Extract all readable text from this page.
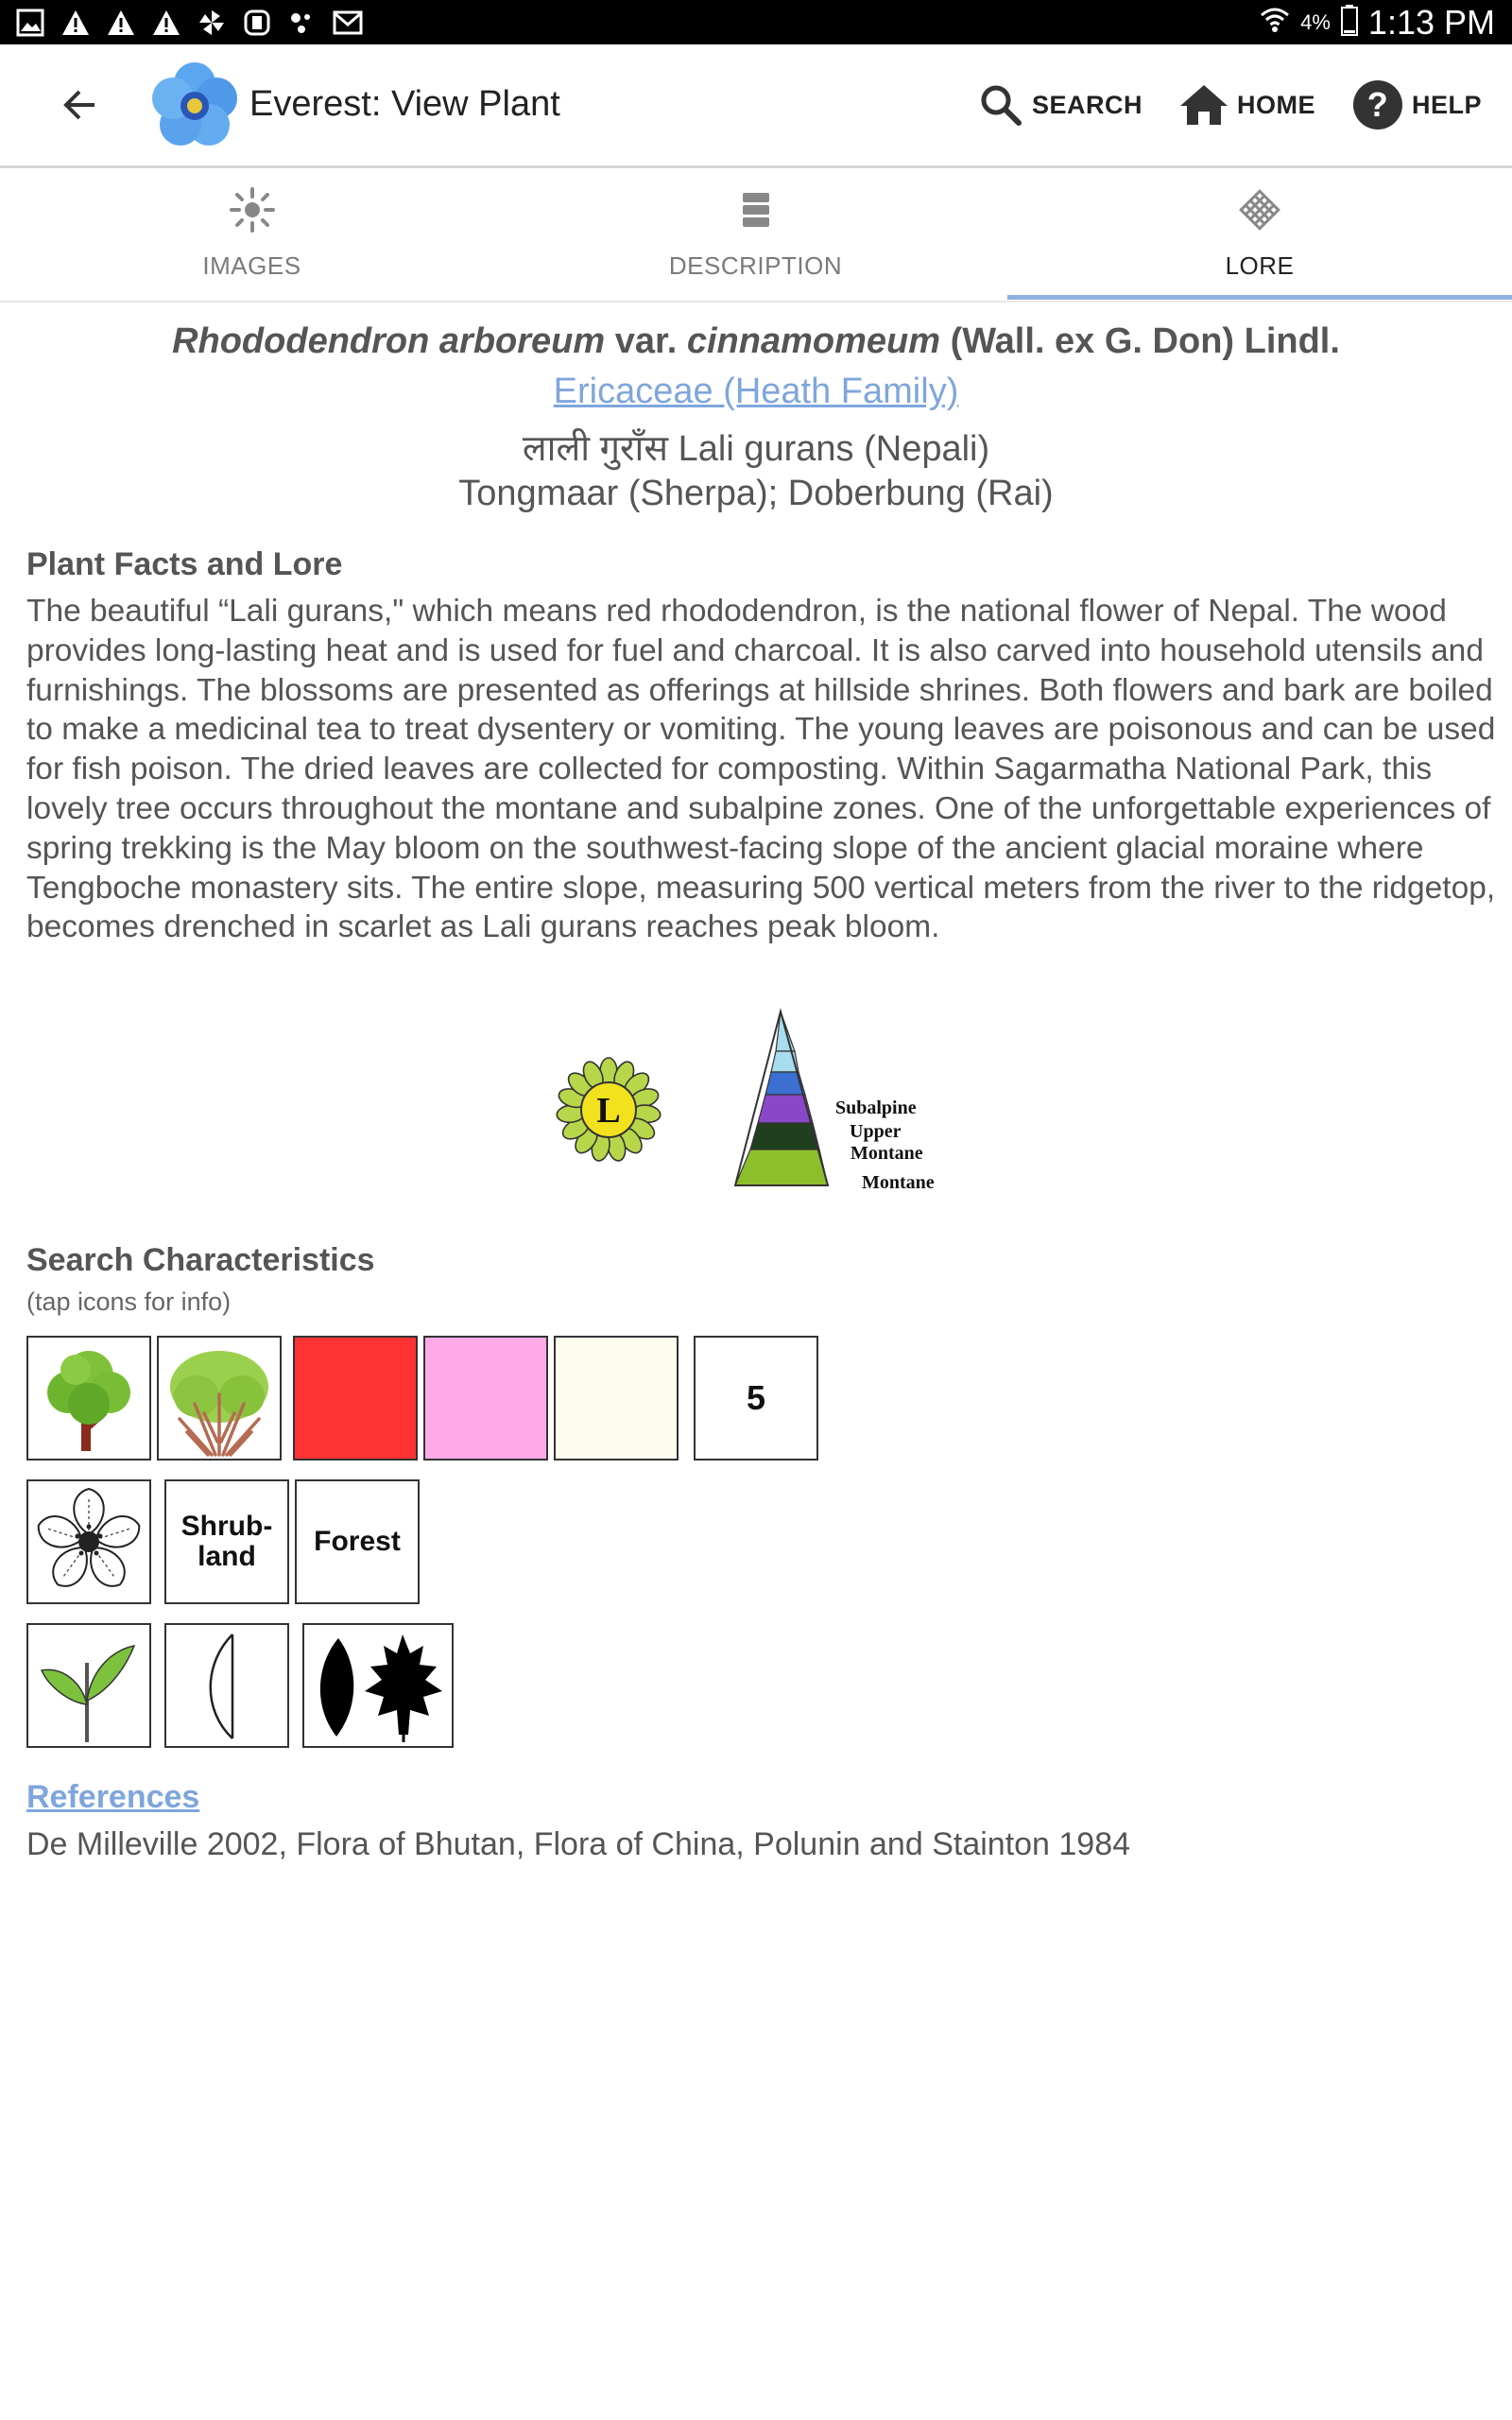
4% 1:13 PM
Everest: View Plant	SEARCH	HOME ? HELP
IMAGES	DESCRIPTION	LORE
Rhododendron arboreum var. cinnamomeum (Wall. ex G. Don) Lindl.
Ericaceae (Heath Family)
लाली गुराँस Lali gurans (Nepali)
Tongmaar (Sherpa); Doberbung (Rai)
Plant Facts and Lore
The beautiful “Lali gurans," which means red rhododendron, is the national flower of Nepal. The wood provides long-lasting heat and is used for fuel and charcoal. It is also carved into household utensils and furnishings. The blossoms are presented as offerings at hillside shrines. Both flowers and bark are boiled to make a medicinal tea to treat dysentery or vomiting. The young leaves are poisonous and can be used for fish poison. The dried leaves are collected for composting. Within Sagarmatha National Park, this lovely tree occurs throughout the montane and subalpine zones. One of the unforgettable experiences of spring trekking is the May bloom on the southwest-facing slope of the ancient glacial moraine where Tengboche monastery sits. The entire slope, measuring 500 vertical meters from the river to the ridgetop, becomes drenched in scarlet as Lali gurans reaches peak bloom.
L	Subalpine
Upper
Montane
Montane
Search Characteristics
(tap icons for info)
5
Shrub-
land	Forest
References
De Milleville 2002, Flora of Bhutan, Flora of China, Polunin and Stainton 1984
